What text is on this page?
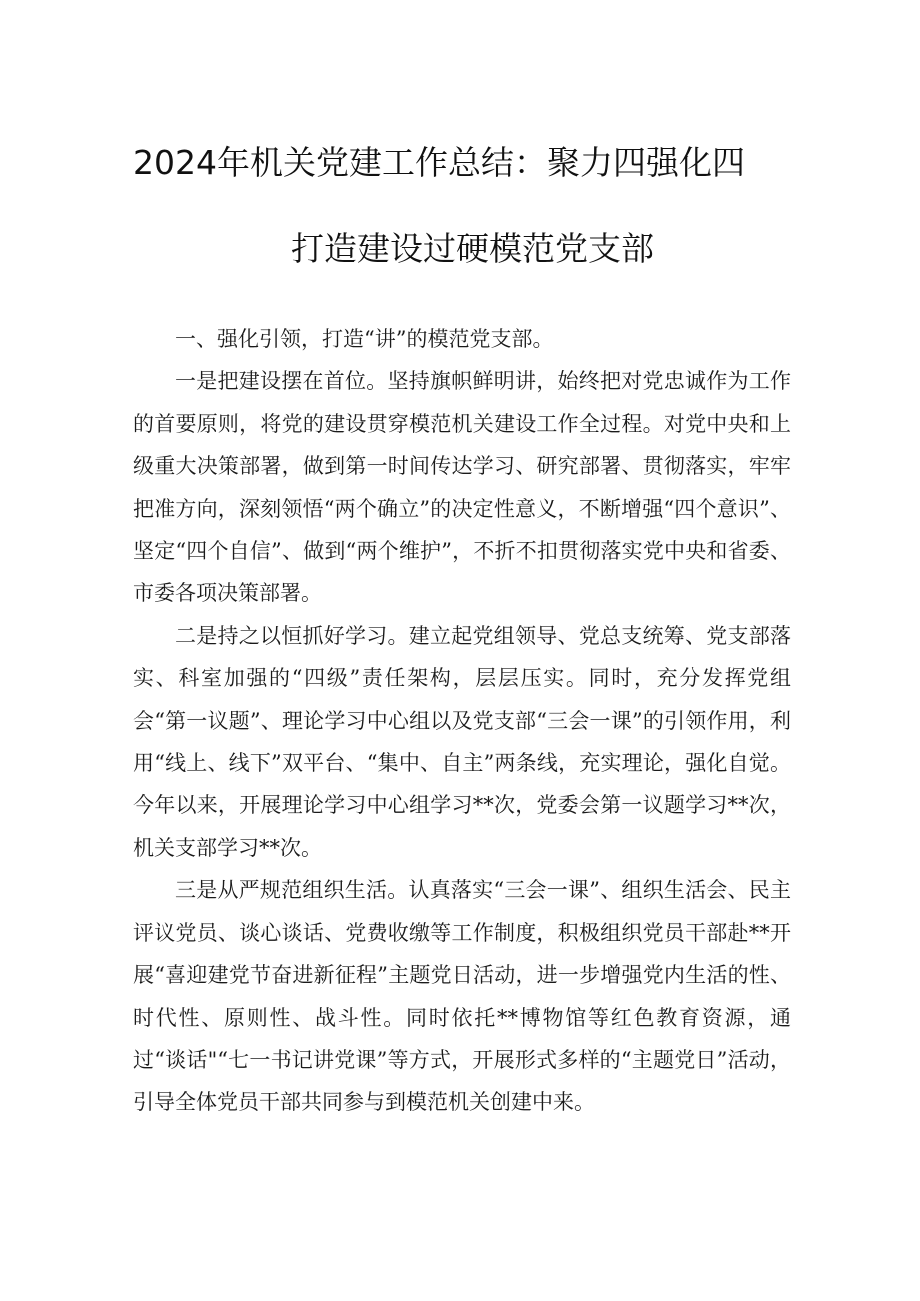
2024年机关党建工作总结：聚力四强化四
打造建设过硬模范党支部

一、强化引领，打造“讲”的模范党支部。

一是把建设摆在首位。坚持旗帜鲜明讲，始终把对党忠诚作为工作的首要原则，将党的建设贯穿模范机关建设工作全过程。对党中央和上级重大决策部署，做到第一时间传达学习、研究部署、贯彻落实，牢牢把准方向，深刻领悟“两个确立”的决定性意义，不断增强“四个意识”、坚定“四个自信”、做到“两个维护”，不折不扣贯彻落实党中央和省委、市委各项决策部署。

二是持之以恒抓好学习。建立起党组领导、党总支统筹、党支部落实、科室加强的“四级”责任架构，层层压实。同时，充分发挥党组会“第一议题”、理论学习中心组以及党支部“三会一课”的引领作用，利用“线上、线下”双平台、“集中、自主”两条线，充实理论，强化自觉。今年以来，开展理论学习中心组学习**次，党委会第一议题学习**次，机关支部学习**次。

三是从严规范组织生活。认真落实“三会一课”、组织生活会、民主评议党员、谈心谈话、党费收缴等工作制度，积极组织党员干部赴**开展“喜迎建党节奋进新征程”主题党日活动，进一步增强党内生活的性、时代性、原则性、战斗性。同时依托**博物馆等红色教育资源，通过“谈话"“七一书记讲党课”等方式，开展形式多样的“主题党日”活动，引导全体党员干部共同参与到模范机关创建中来。
